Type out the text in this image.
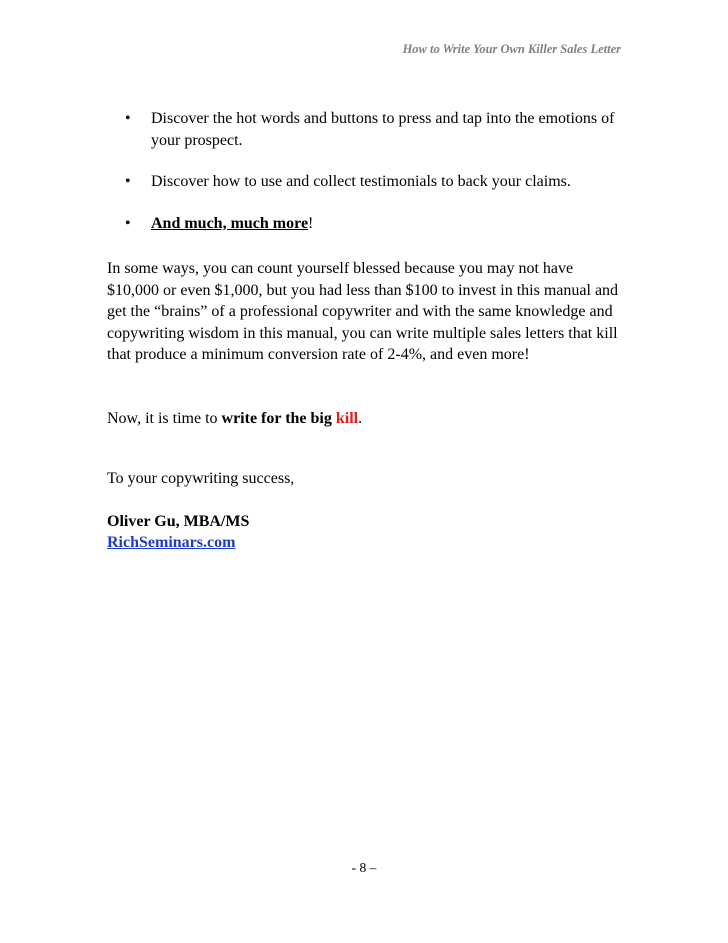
How to Write Your Own Killer Sales Letter
• Discover the hot words and buttons to press and tap into the emotions of your prospect.
• Discover how to use and collect testimonials to back your claims.
• And much, much more!
In some ways, you can count yourself blessed because you may not have $10,000 or even $1,000, but you had less than $100 to invest in this manual and get the “brains” of a professional copywriter and with the same knowledge and copywriting wisdom in this manual, you can write multiple sales letters that kill that produce a minimum conversion rate of 2-4%, and even more!
Now, it is time to write for the big kill.
To your copywriting success,
Oliver Gu, MBA/MS
RichSeminars.com
- 8 –
